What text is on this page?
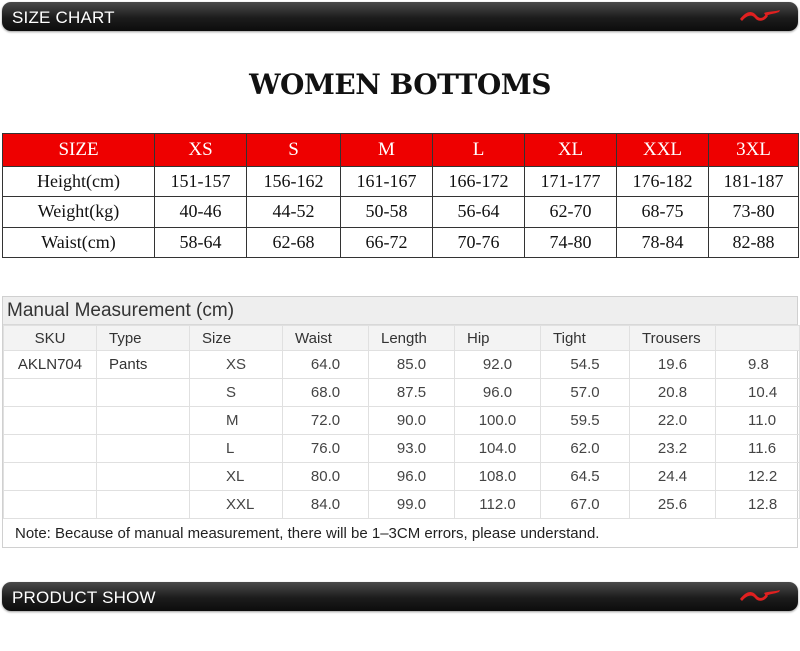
SIZE CHART
WOMEN BOTTOMS
SIZE	XS	S	M	L	XL	XXL	3XL
Height(cm)	151-157	156-162	161-167	166-172	171-177	176-182	181-187
Weight(kg)	40-46	44-52	50-58	56-64	62-70	68-75	73-80
Waist(cm)	58-64	62-68	66-72	70-76	74-80	78-84	82-88
Manual Measurement (cm)
SKU	Type	Size	Waist	Length	Hip	Tight	Trousers	
AKLN704	Pants	XS	64.0	85.0	92.0	54.5	19.6	9.8
		S	68.0	87.5	96.0	57.0	20.8	10.4
		M	72.0	90.0	100.0	59.5	22.0	11.0
		L	76.0	93.0	104.0	62.0	23.2	11.6
		XL	80.0	96.0	108.0	64.5	24.4	12.2
		XXL	84.0	99.0	112.0	67.0	25.6	12.8
Note: Because of manual measurement, there will be 1–3CM errors, please understand.
PRODUCT SHOW
